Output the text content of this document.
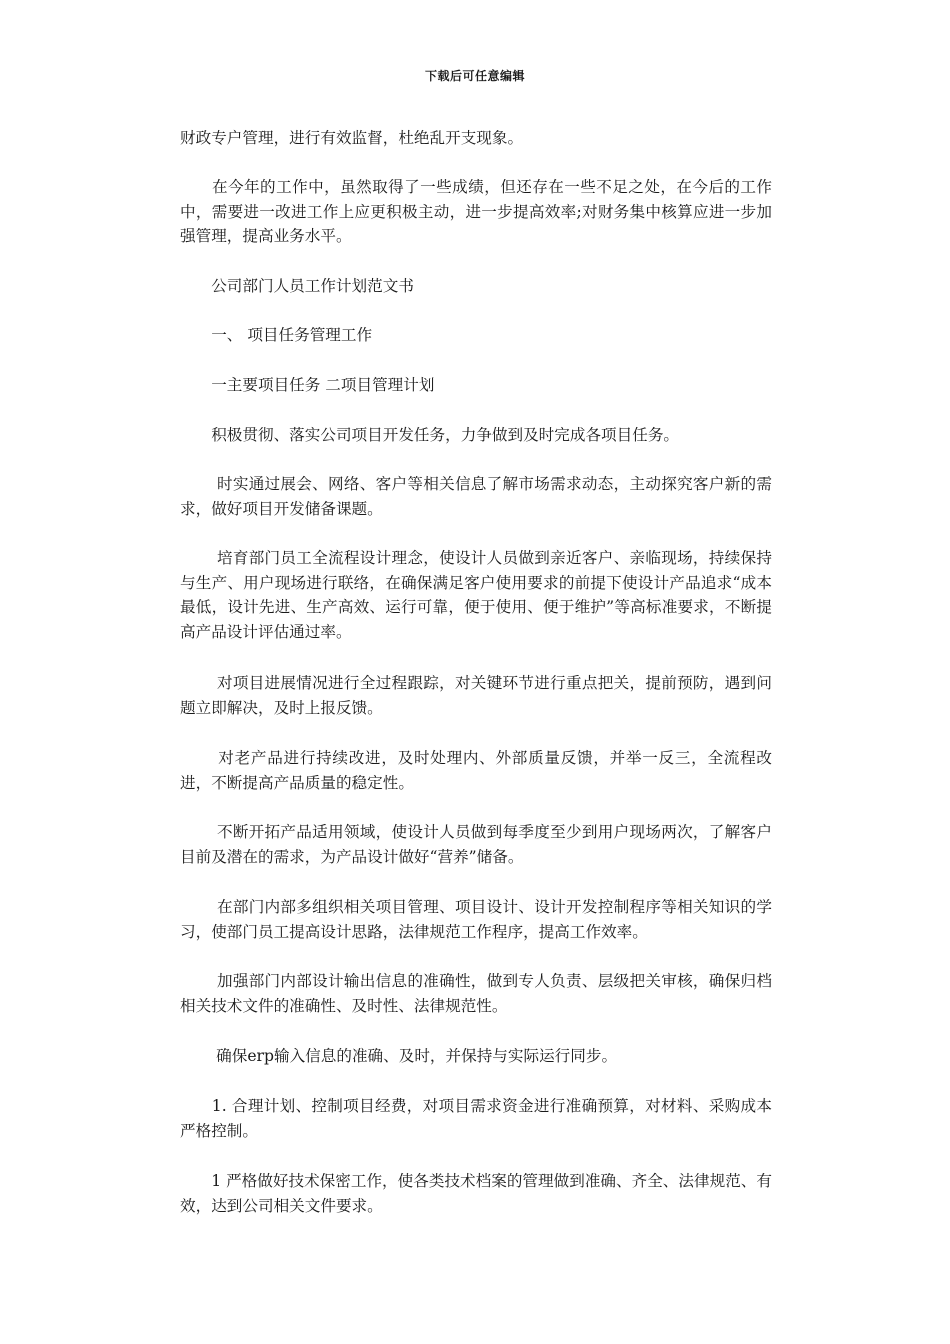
下载后可任意编辑

财政专户管理，进行有效监督，杜绝乱开支现象。

　　在今年的工作中，虽然取得了一些成绩，但还存在一些不足之处，在今后的工作中，需要进一改进工作上应更积极主动，进一步提高效率;对财务集中核算应进一步加强管理，提高业务水平。

　　公司部门人员工作计划范文书

　　一、 项目任务管理工作

　　一主要项目任务 二项目管理计划

　　积极贯彻、落实公司项目开发任务，力争做到及时完成各项目任务。

　　 时实通过展会、网络、客户等相关信息了解市场需求动态，主动探究客户新的需求，做好项目开发储备课题。

　　 培育部门员工全流程设计理念，使设计人员做到亲近客户、亲临现场，持续保持与生产、用户现场进行联络，在确保满足客户使用要求的前提下使设计产品追求“成本最低，设计先进、生产高效、运行可靠，便于使用、便于维护”等高标准要求，不断提高产品设计评估通过率。

　　 对项目进展情况进行全过程跟踪，对关键环节进行重点把关，提前预防，遇到问题立即解决，及时上报反馈。

　　 对老产品进行持续改进，及时处理内、外部质量反馈，并举一反三，全流程改进，不断提高产品质量的稳定性。

　　 不断开拓产品适用领域，使设计人员做到每季度至少到用户现场两次，了解客户目前及潜在的需求，为产品设计做好“营养”储备。

　　 在部门内部多组织相关项目管理、项目设计、设计开发控制程序等相关知识的学习，使部门员工提高设计思路，法律规范工作程序，提高工作效率。

　　 加强部门内部设计输出信息的准确性，做到专人负责、层级把关审核，确保归档相关技术文件的准确性、及时性、法律规范性。

　　 确保erp输入信息的准确、及时，并保持与实际运行同步。

　　1. 合理计划、控制项目经费，对项目需求资金进行准确预算，对材料、采购成本严格控制。

　　1 严格做好技术保密工作，使各类技术档案的管理做到准确、齐全、法律规范、有效，达到公司相关文件要求。
